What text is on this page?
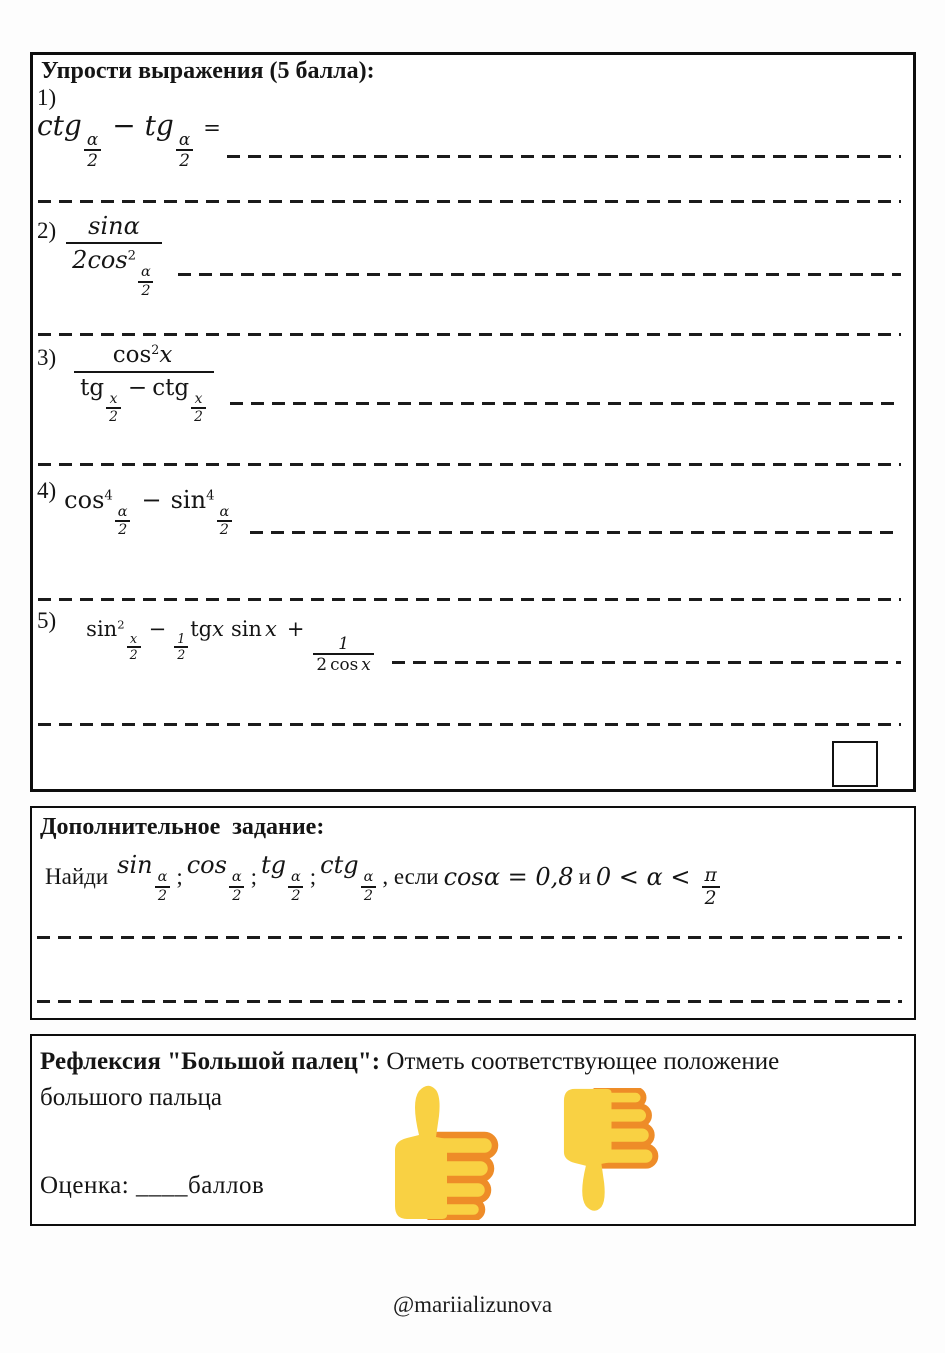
Упрости выражения (5 балла):
1)
ctg
$\frac{\alpha}{2}$
− tg
$\frac{\alpha}{2}$
=
2) sinα
$2\cos^2$
$\frac{\alpha}{2}$
3) $\cos^2x$
tg
$\frac{x}{2}$
− ctg
$\frac{x}{2}$
4) $\cos^4$
$\frac{\alpha}{2}$
− $\sin^4$
$\frac{\alpha}{2}$
5) $\sin^2$
$\frac{x}{2}$
−
$\frac{1}{2}$
tgx sin x +
$\frac{1}{\text{2 cos x}}$
Дополнительное задание:
Найди sin
$\frac{\alpha}{2}$ ; cos
$\frac{\alpha}{2}$ ; tg
$\frac{\alpha}{2}$ ; ctg
$\frac{\alpha}{2}$ , если cosα = 0,8 и $0 < \alpha < \frac{\pi}{2}$
Рефлексия "Большой палец": Отметь соответствующее положение
большого пальца
Оценка: ____баллов
@mariializunova
